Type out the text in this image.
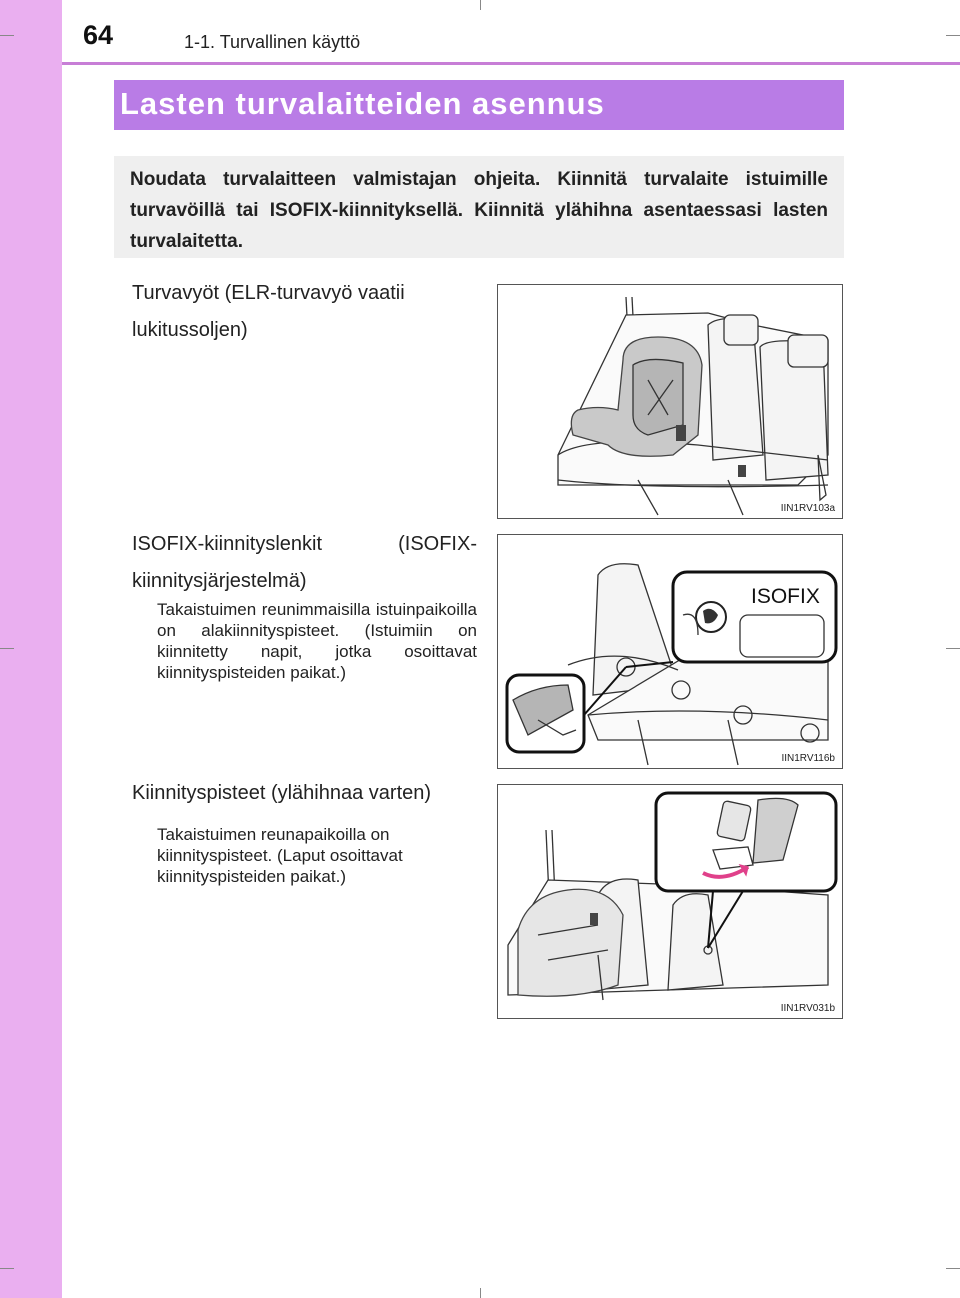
64	1-1. Turvallinen käyttö
Lasten turvalaitteiden asennus
Noudata turvalaitteen valmistajan ohjeita. Kiinnitä turvalaite istuimille turvavöillä tai ISOFIX-kiinnityksellä. Kiinnitä ylähihna asentaessasi lasten turvalaitetta.
Turvavyöt (ELR-turvavyö vaatii lukitussoljen)
IIN1RV103a
ISOFIX-kiinnityslenkit (ISOFIX-kiinnitysjärjestelmä)
Takaistuimen reunimmaisilla istuinpaikoilla on alakiinnityspisteet. (Istuimiin on kiinnitetty napit, jotka osoittavat kiinnityspisteiden paikat.)
ISOFIX
IIN1RV116b
Kiinnityspisteet (ylähihnaa varten)
Takaistuimen reunapaikoilla on kiinnityspisteet. (Laput osoittavat kiinnityspisteiden paikat.)
IIN1RV031b
